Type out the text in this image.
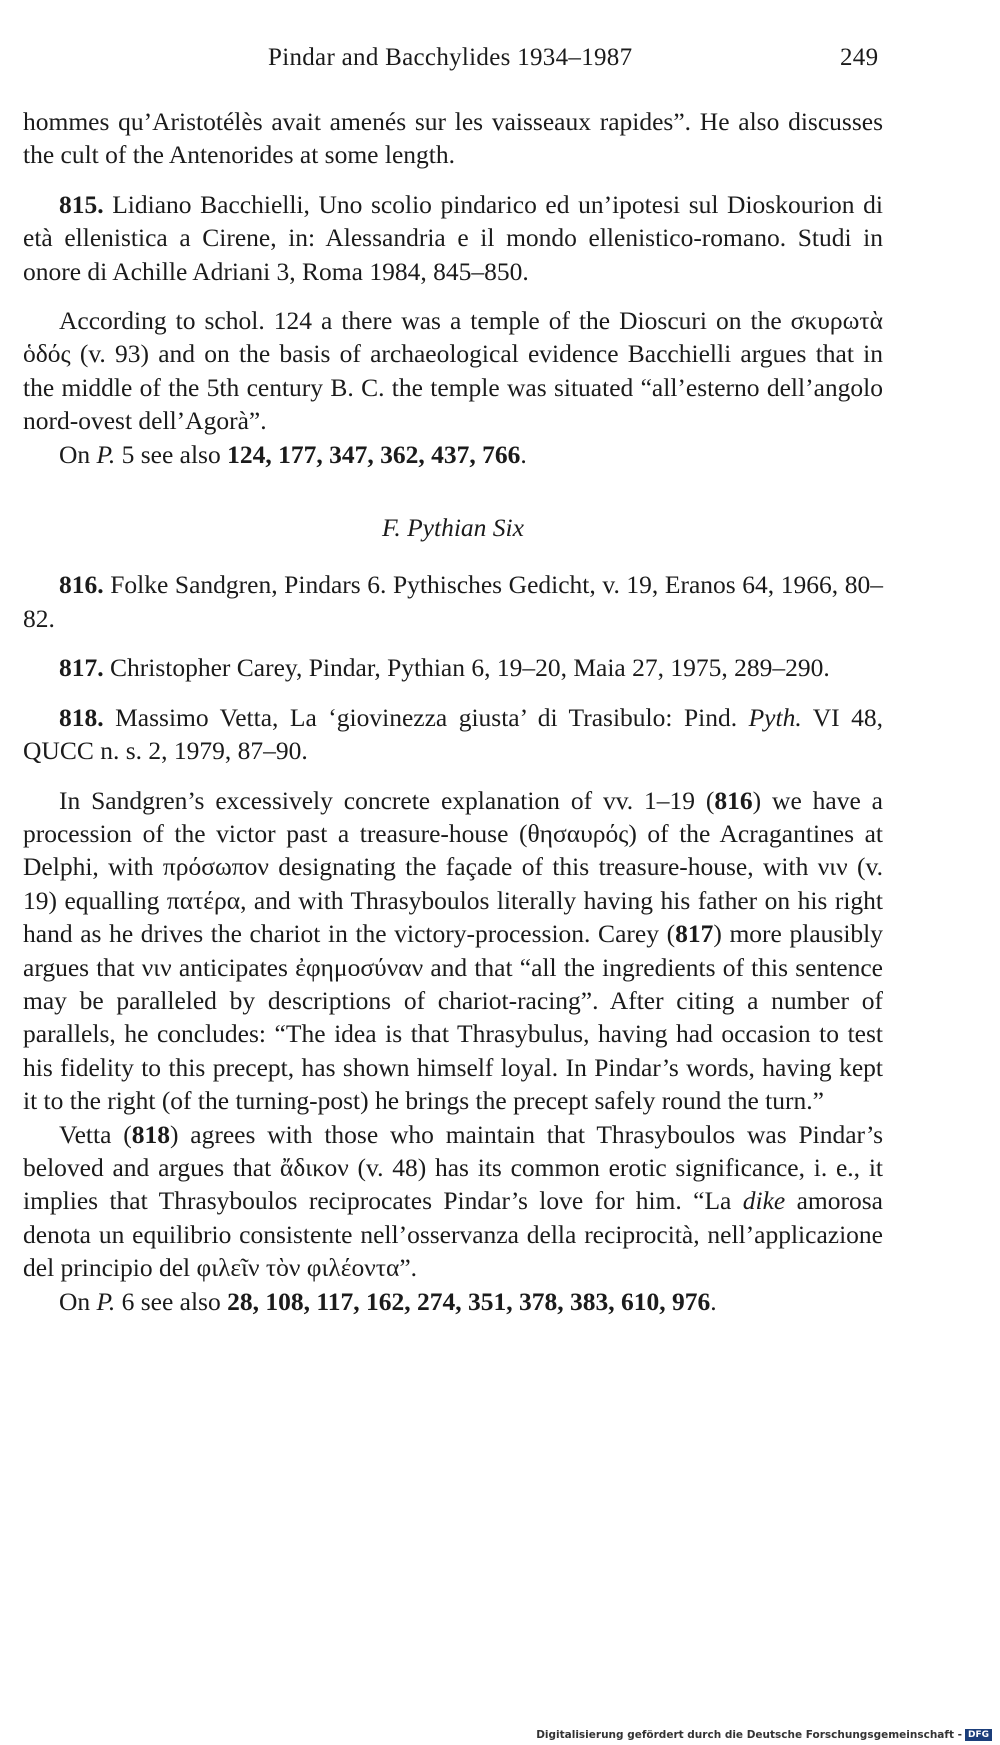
Pindar and Bacchylides 1934–1987	249

hommes qu’Aristotélès avait amenés sur les vaisseaux rapides”. He also discusses the cult of the Antenorides at some length.

815. Lidiano Bacchielli, Uno scolio pindarico ed un’ipotesi sul Dioskourion di età ellenistica a Cirene, in: Alessandria e il mondo ellenistico-romano. Studi in onore di Achille Adriani 3, Roma 1984, 845–850.

According to schol. 124 a there was a temple of the Dioscuri on the σκυρωτὰ ὁδός (v. 93) and on the basis of archaeological evidence Bacchielli argues that in the middle of the 5th century B. C. the temple was situated “all’esterno dell’angolo nord-ovest dell’Agorà”.

On P. 5 see also 124, 177, 347, 362, 437, 766.

F. Pythian Six

816. Folke Sandgren, Pindars 6. Pythisches Gedicht, v. 19, Eranos 64, 1966, 80–82.

817. Christopher Carey, Pindar, Pythian 6, 19–20, Maia 27, 1975, 289–290.

818. Massimo Vetta, La ‘giovinezza giusta’ di Trasibulo: Pind. Pyth. VI 48, QUCC n. s. 2, 1979, 87–90.

In Sandgren’s excessively concrete explanation of vv. 1–19 (816) we have a procession of the victor past a treasure-house (θησαυρός) of the Acragantines at Delphi, with πρόσωπον designating the façade of this treasure-house, with νιν (v. 19) equalling πατέρα, and with Thrasyboulos literally having his father on his right hand as he drives the chariot in the victory-procession. Carey (817) more plausibly argues that νιν anticipates ἐφημοσύναν and that “all the ingredients of this sentence may be paralleled by descriptions of chariot-racing”. After citing a number of parallels, he concludes: “The idea is that Thrasybulus, having had occasion to test his fidelity to this precept, has shown himself loyal. In Pindar’s words, having kept it to the right (of the turning-post) he brings the precept safely round the turn.”

Vetta (818) agrees with those who maintain that Thrasyboulos was Pindar’s beloved and argues that ἄδικον (v. 48) has its common erotic significance, i. e., it implies that Thrasyboulos reciprocates Pindar’s love for him. “La dike amorosa denota un equilibrio consistente nell’osservanza della reciprocità, nell’applicazione del principio del φιλεῖν τὸν φιλέοντα”.

On P. 6 see also 28, 108, 117, 162, 274, 351, 378, 383, 610, 976.

Digitalisierung gefördert durch die Deutsche Forschungsgemeinschaft - DFG
